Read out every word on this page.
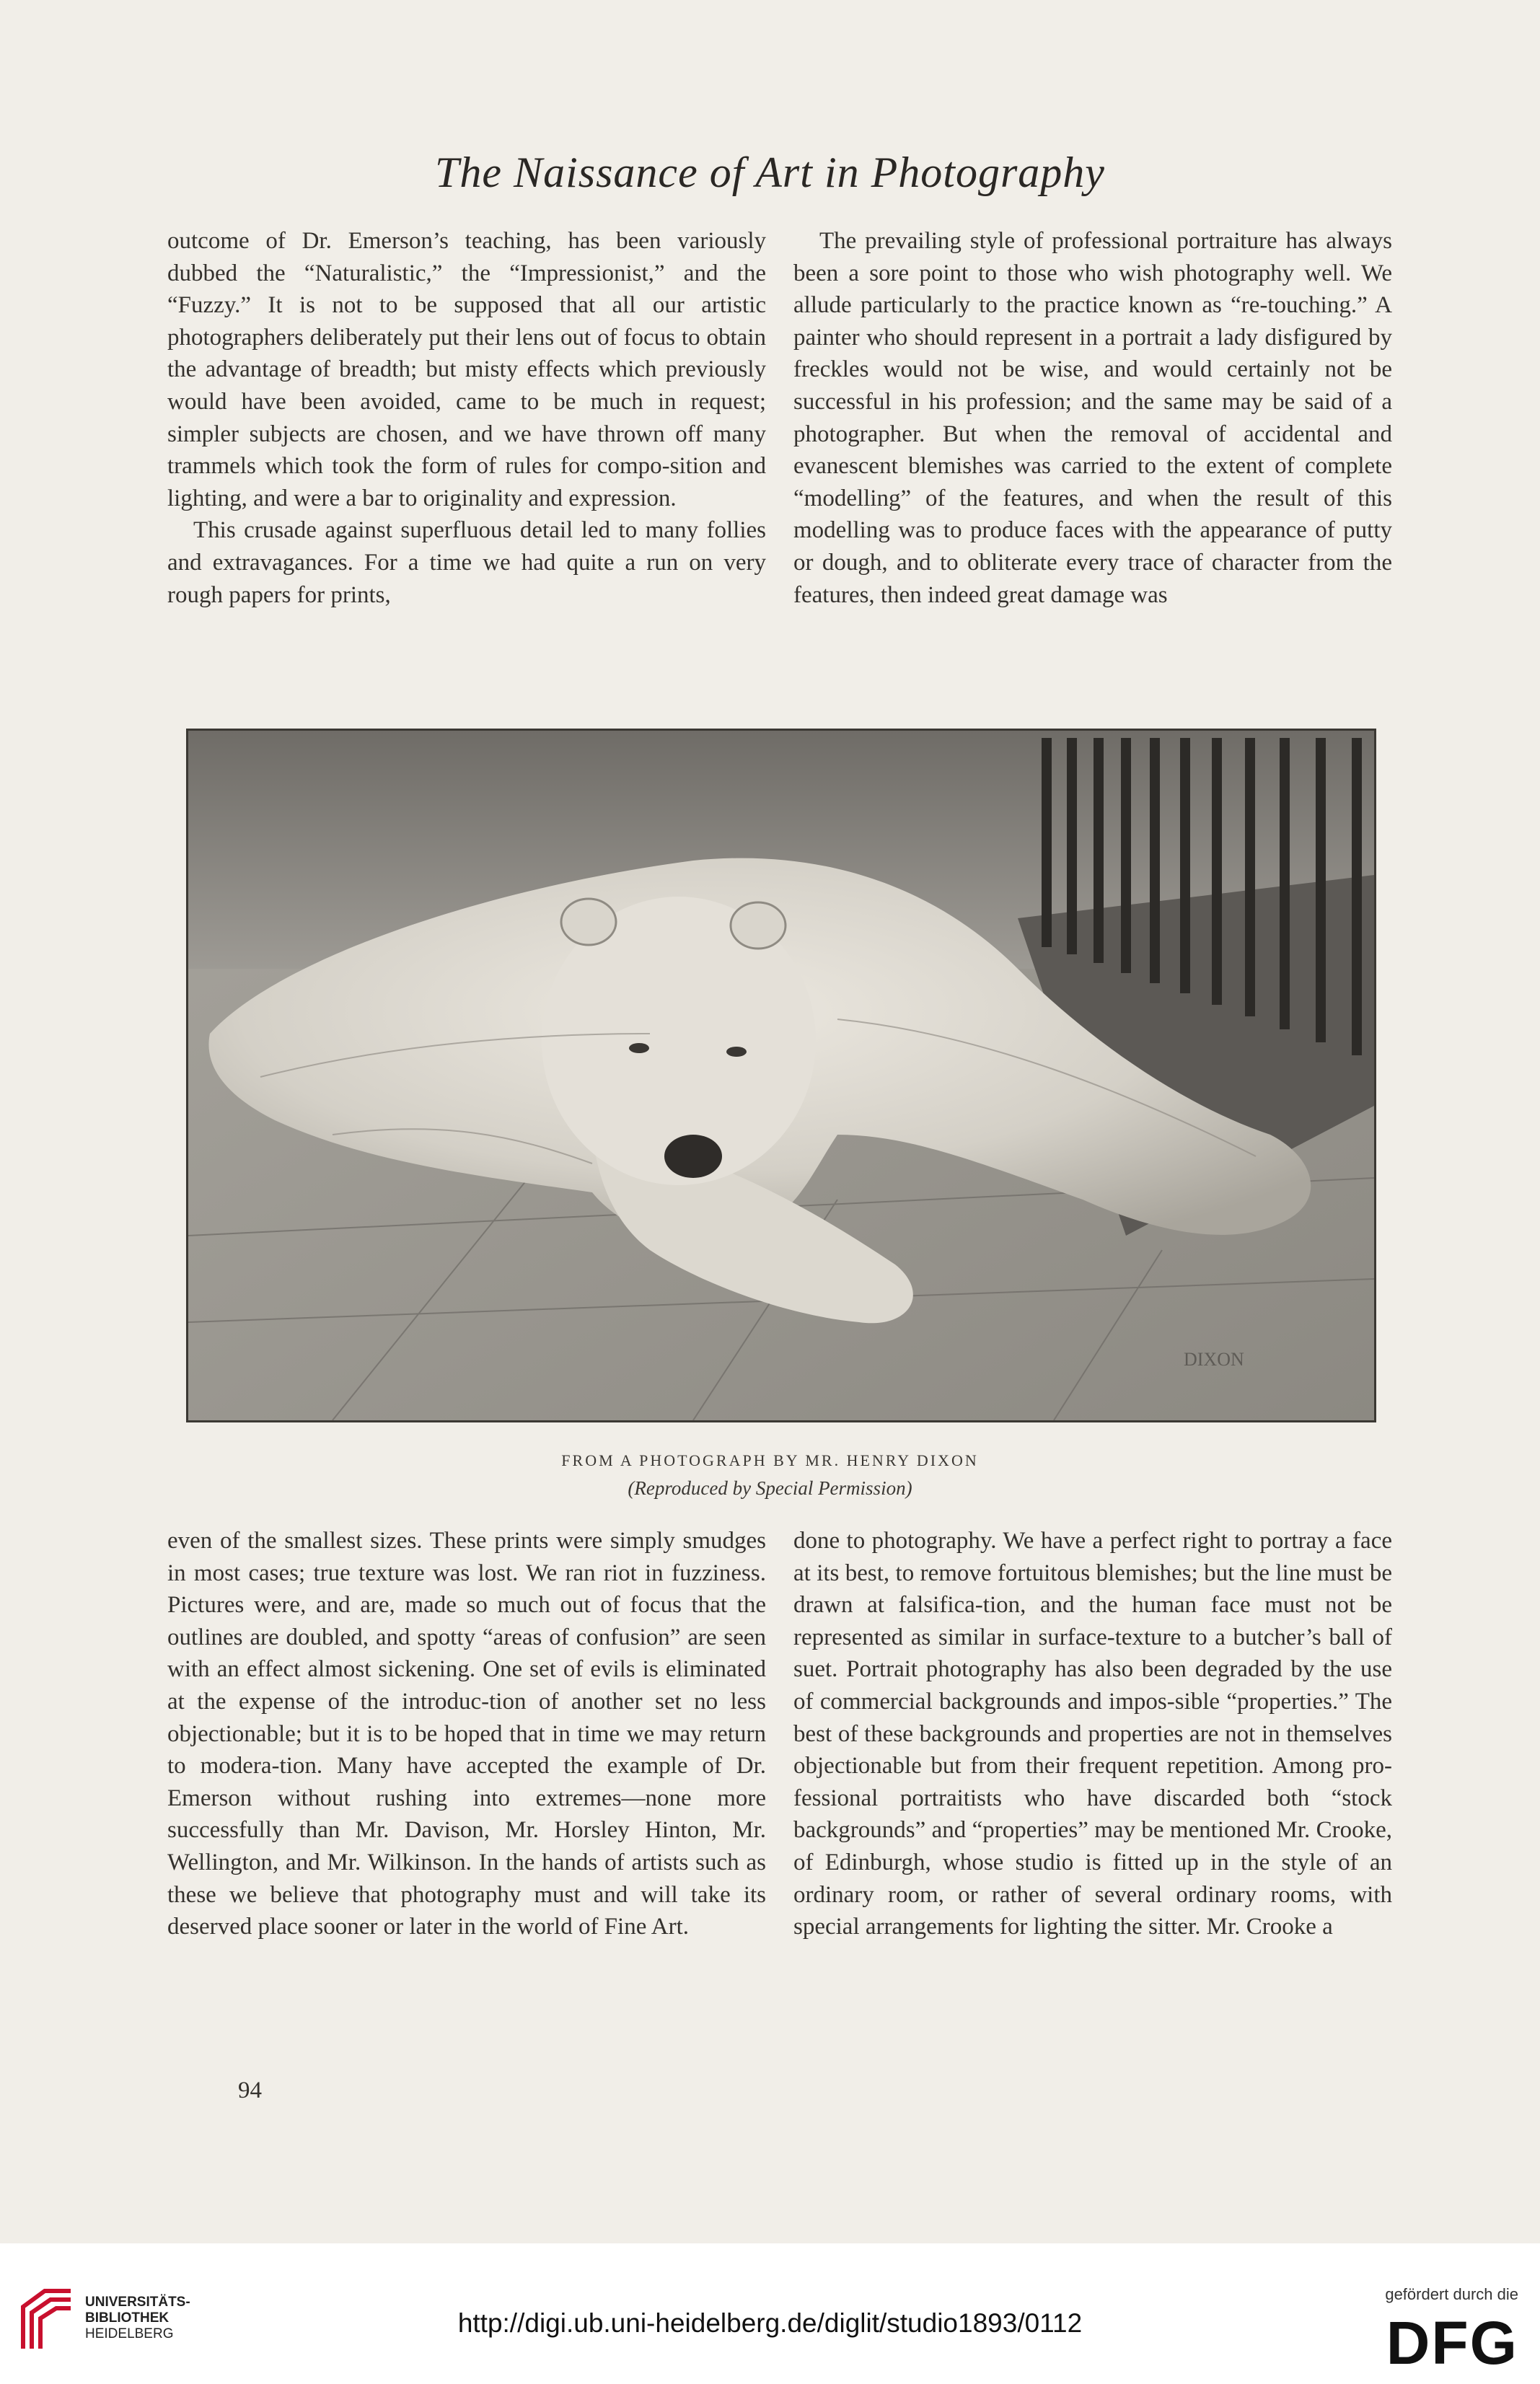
The Naissance of Art in Photography

outcome of Dr. Emerson’s teaching, has been variously dubbed the “Naturalistic,” the “Impressionist,” and the “Fuzzy.” It is not to be supposed that all our artistic photographers deliberately put their lens out of focus to obtain the advantage of breadth; but misty effects which previously would have been avoided, came to be much in request; simpler subjects are chosen, and we have thrown off many trammels which took the form of rules for compo-sition and lighting, and were a bar to originality and expression.

This crusade against superfluous detail led to many follies and extravagances. For a time we had quite a run on very rough papers for prints,

The prevailing style of professional portraiture has always been a sore point to those who wish photography well. We allude particularly to the practice known as “re-touching.” A painter who should represent in a portrait a lady disfigured by freckles would not be wise, and would certainly not be successful in his profession; and the same may be said of a photographer. But when the removal of accidental and evanescent blemishes was carried to the extent of complete “modelling” of the features, and when the result of this modelling was to produce faces with the appearance of putty or dough, and to obliterate every trace of character from the features, then indeed great damage was

DIXON
FROM A PHOTOGRAPH BY MR. HENRY DIXON
(Reproduced by Special Permission)

even of the smallest sizes. These prints were simply smudges in most cases; true texture was lost. We ran riot in fuzziness. Pictures were, and are, made so much out of focus that the outlines are doubled, and spotty “areas of confusion” are seen with an effect almost sickening. One set of evils is eliminated at the expense of the introduc-tion of another set no less objectionable; but it is to be hoped that in time we may return to modera-tion. Many have accepted the example of Dr. Emerson without rushing into extremes—none more successfully than Mr. Davison, Mr. Horsley Hinton, Mr. Wellington, and Mr. Wilkinson. In the hands of artists such as these we believe that photography must and will take its deserved place sooner or later in the world of Fine Art.

done to photography. We have a perfect right to portray a face at its best, to remove fortuitous blemishes; but the line must be drawn at falsifica-tion, and the human face must not be represented as similar in surface-texture to a butcher’s ball of suet. Portrait photography has also been degraded by the use of commercial backgrounds and impos-sible “properties.” The best of these backgrounds and properties are not in themselves objectionable but from their frequent repetition. Among pro-fessional portraitists who have discarded both “stock backgrounds” and “properties” may be mentioned Mr. Crooke, of Edinburgh, whose studio is fitted up in the style of an ordinary room, or rather of several ordinary rooms, with special arrangements for lighting the sitter. Mr. Crooke a

94
UNIVERSITÄTS-
BIBLIOTHEK
HEIDELBERG	http://digi.ub.uni-heidelberg.de/diglit/studio1893/0112
gefördert durch die
DFG
